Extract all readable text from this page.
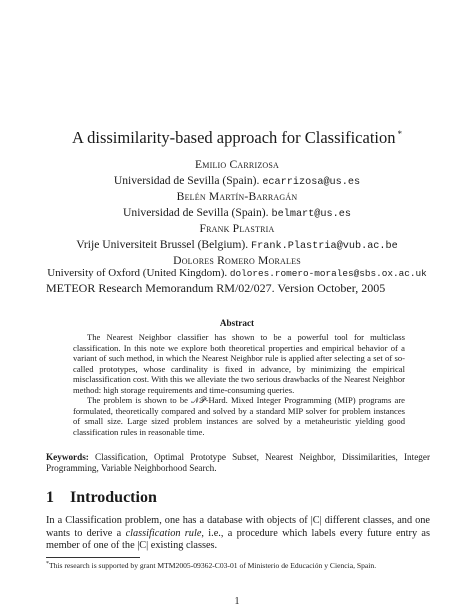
A dissimilarity-based approach for Classification *
Emilio Carrizosa
Universidad de Sevilla (Spain). ecarrizosa@us.es
Belén Martín-Barragán
Universidad de Sevilla (Spain). belmart@us.es
Frank Plastria
Vrije Universiteit Brussel (Belgium). Frank.Plastria@vub.ac.be
Dolores Romero Morales
University of Oxford (United Kingdom). dolores.romero-morales@sbs.ox.ac.uk
METEOR Research Memorandum RM/02/027. Version October, 2005
Abstract

The Nearest Neighbor classifier has shown to be a powerful tool for multiclass classification. In this note we explore both theoretical properties and empirical behavior of a variant of such method, in which the Nearest Neighbor rule is applied after selecting a set of so-called prototypes, whose cardinality is fixed in advance, by minimizing the empirical misclassification cost. With this we alleviate the two serious drawbacks of the Nearest Neighbor method: high storage requirements and time-consuming queries.

The problem is shown to be 𝒩𝒫-Hard. Mixed Integer Programming (MIP) programs are formulated, theoretically compared and solved by a standard MIP solver for problem instances of small size. Large sized problem instances are solved by a metaheuristic yielding good classification rules in reasonable time.

Keywords: Classification, Optimal Prototype Subset, Nearest Neighbor, Dissimilarities, Integer Programming, Variable Neighborhood Search.
1 Introduction
In a Classification problem, one has a database with objects of |C| different classes, and one wants to derive a classification rule, i.e., a procedure which labels every future entry as member of one of the |C| existing classes.
*This research is supported by grant MTM2005-09362-C03-01 of Ministerio de Educación y Ciencia, Spain.
1
